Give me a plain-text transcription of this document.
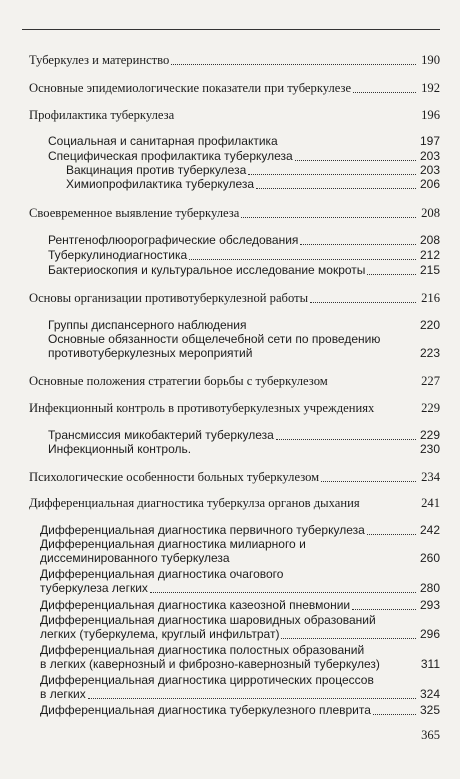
Туберкулез и материнство	190
Основные эпидемиологические показатели при туберкулезе	192
Профилактика туберкулеза	196
Социальная и санитарная профилактика	197
Специфическая профилактика туберкулеза	203
Вакцинация против туберкулеза	203
Химиопрофилактика туберкулеза	206
Своевременное выявление туберкулеза	208
Рентгенофлюорографические обследования	208
Туберкулинодиагностика	212
Бактериоскопия и культуральное исследование мокроты	215
Основы организации противотуберкулезной работы	216
Группы диспансерного наблюдения	220
Основные обязанности общелечебной сети по проведению
противотуберкулезных мероприятий	223
Основные положения стратегии борьбы с туберкулезом	227
Инфекционный контроль в противотуберкулезных учреждениях	229
Трансмиссия микобактерий туберкулеза	229
Инфекционный контроль.	230
Психологические особенности больных туберкулезом	234
Дифференциальная диагностика туберкулза органов дыхания	241
Дифференциальная диагностика первичного туберкулеза	242
Дифференциальная диагностика милиарного и
диссеминированного туберкулеза	260
Дифференциальная диагностика очагового
туберкулеза легких	280
Дифференциальная диагностика казеозной пневмонии	293
Дифференциальная диагностика шаровидных образований
легких (туберкулема, круглый инфильтрат)	296
Дифференциальная диагностика полостных образований
в легких (кавернозный и фиброзно-кавернозный туберкулез)	311
Дифференциальная диагностика цирротических процессов
в легких	324
Дифференциальная диагностика туберкулезного плеврита	325
365
